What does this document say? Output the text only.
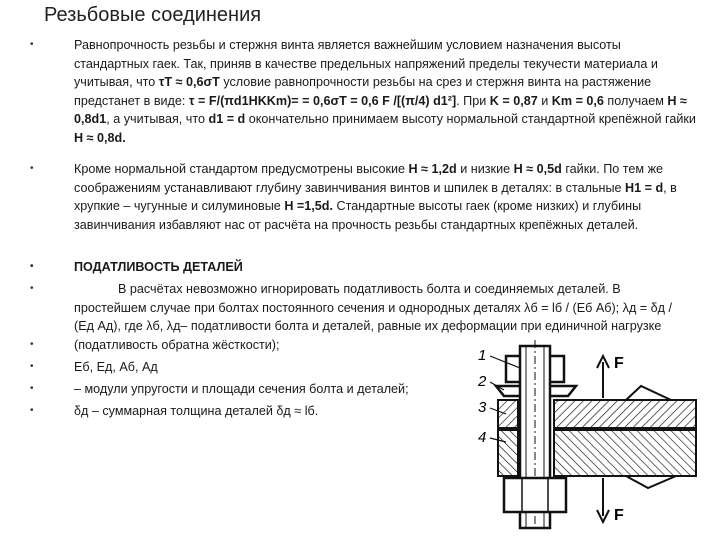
Резьбовые соединения
• Равнопрочность резьбы и стержня винта является важнейшим условием назначения высоты стандартных гаек. Так, приняв в качестве предельных напряжений пределы текучести материала и учитывая, что τT ≈ 0,6σT условие равнопрочности резьбы на срез и стержня винта на растяжение предстанет в виде: τ = F/(πd1HKKm)= = 0,6σT = 0,6 F /[(π/4) d1²]. При K = 0,87 и Km = 0,6 получаем H ≈ 0,8d1, а учитывая, что d1 = d окончательно принимаем высоту нормальной стандартной крепёжной гайки H ≈ 0,8d.
• Кроме нормальной стандартом предусмотрены высокие H ≈ 1,2d и низкие H ≈ 0,5d гайки. По тем же соображениям устанавливают глубину завинчивания винтов и шпилек в деталях: в стальные H1 = d, в хрупкие – чугунные и силуминовые H =1,5d. Стандартные высоты гаек (кроме низких) и глубины завинчивания избавляют нас от расчёта на прочность резьбы стандартных крепёжных деталей.
• ПОДАТЛИВОСТЬ ДЕТАЛЕЙ
• В расчётах невозможно игнорировать податливость болта и соединяемых деталей. В простейшем случае при болтах постоянного сечения и однородных деталях λб = lб / (Еб Аб); λд = δд / (Ед Ад), где λб, λд– податливости болта и деталей, равные их деформации при единичной нагрузке
• (податливость обратна жёсткости);
• Еб, Ед, Аб, Ад
• – модули упругости и площади сечения болта и деталей;
• δд – суммарная толщина деталей δд ≈ lб.
1
2
3
4
F
F
